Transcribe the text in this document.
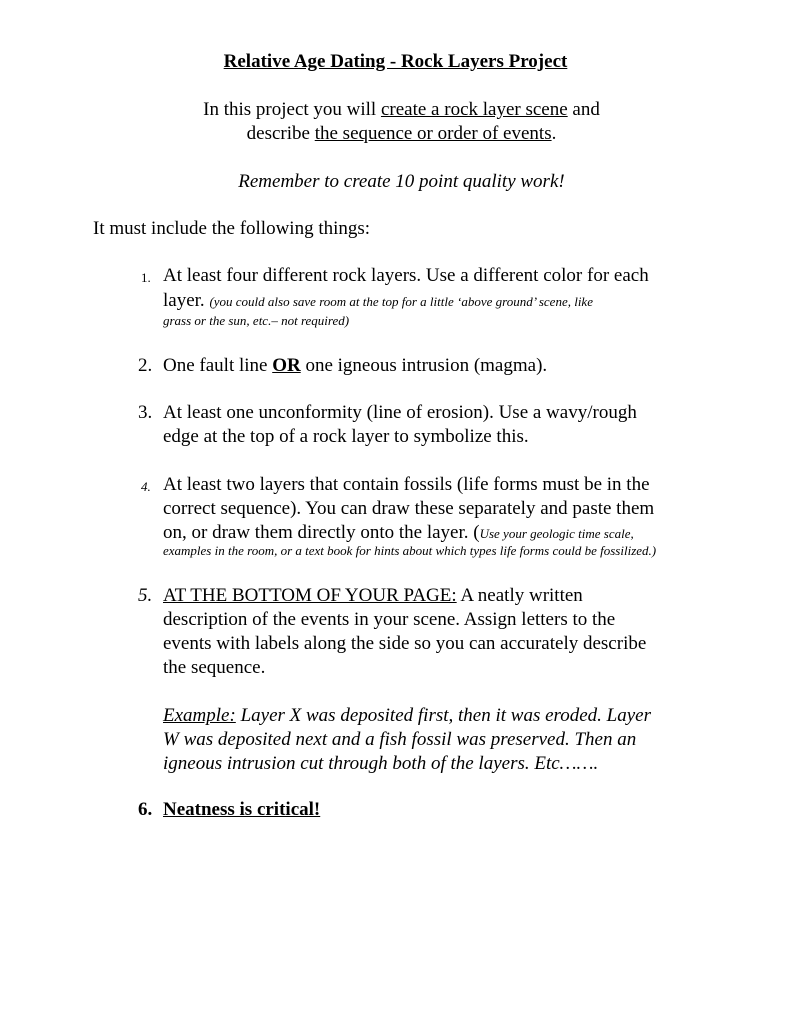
Relative Age Dating - Rock Layers Project
In this project you will create a rock layer scene and
describe the sequence or order of events.
Remember to create 10 point quality work!
It must include the following things:
1. At least four different rock layers. Use a different color for each
layer. (you could also save room at the top for a little ‘above ground’ scene, like
grass or the sun, etc.– not required)
2. One fault line OR one igneous intrusion (magma).
3. At least one unconformity (line of erosion). Use a wavy/rough
edge at the top of a rock layer to symbolize this.
4. At least two layers that contain fossils (life forms must be in the
correct sequence). You can draw these separately and paste them
on, or draw them directly onto the layer. (Use your geologic time scale,
examples in the room, or a text book for hints about which types life forms could be fossilized.)
5. AT THE BOTTOM OF YOUR PAGE: A neatly written
description of the events in your scene. Assign letters to the
events with labels along the side so you can accurately describe
the sequence.
Example: Layer X was deposited first, then it was eroded. Layer
W was deposited next and a fish fossil was preserved. Then an
igneous intrusion cut through both of the layers. Etc…….
6. Neatness is critical!
